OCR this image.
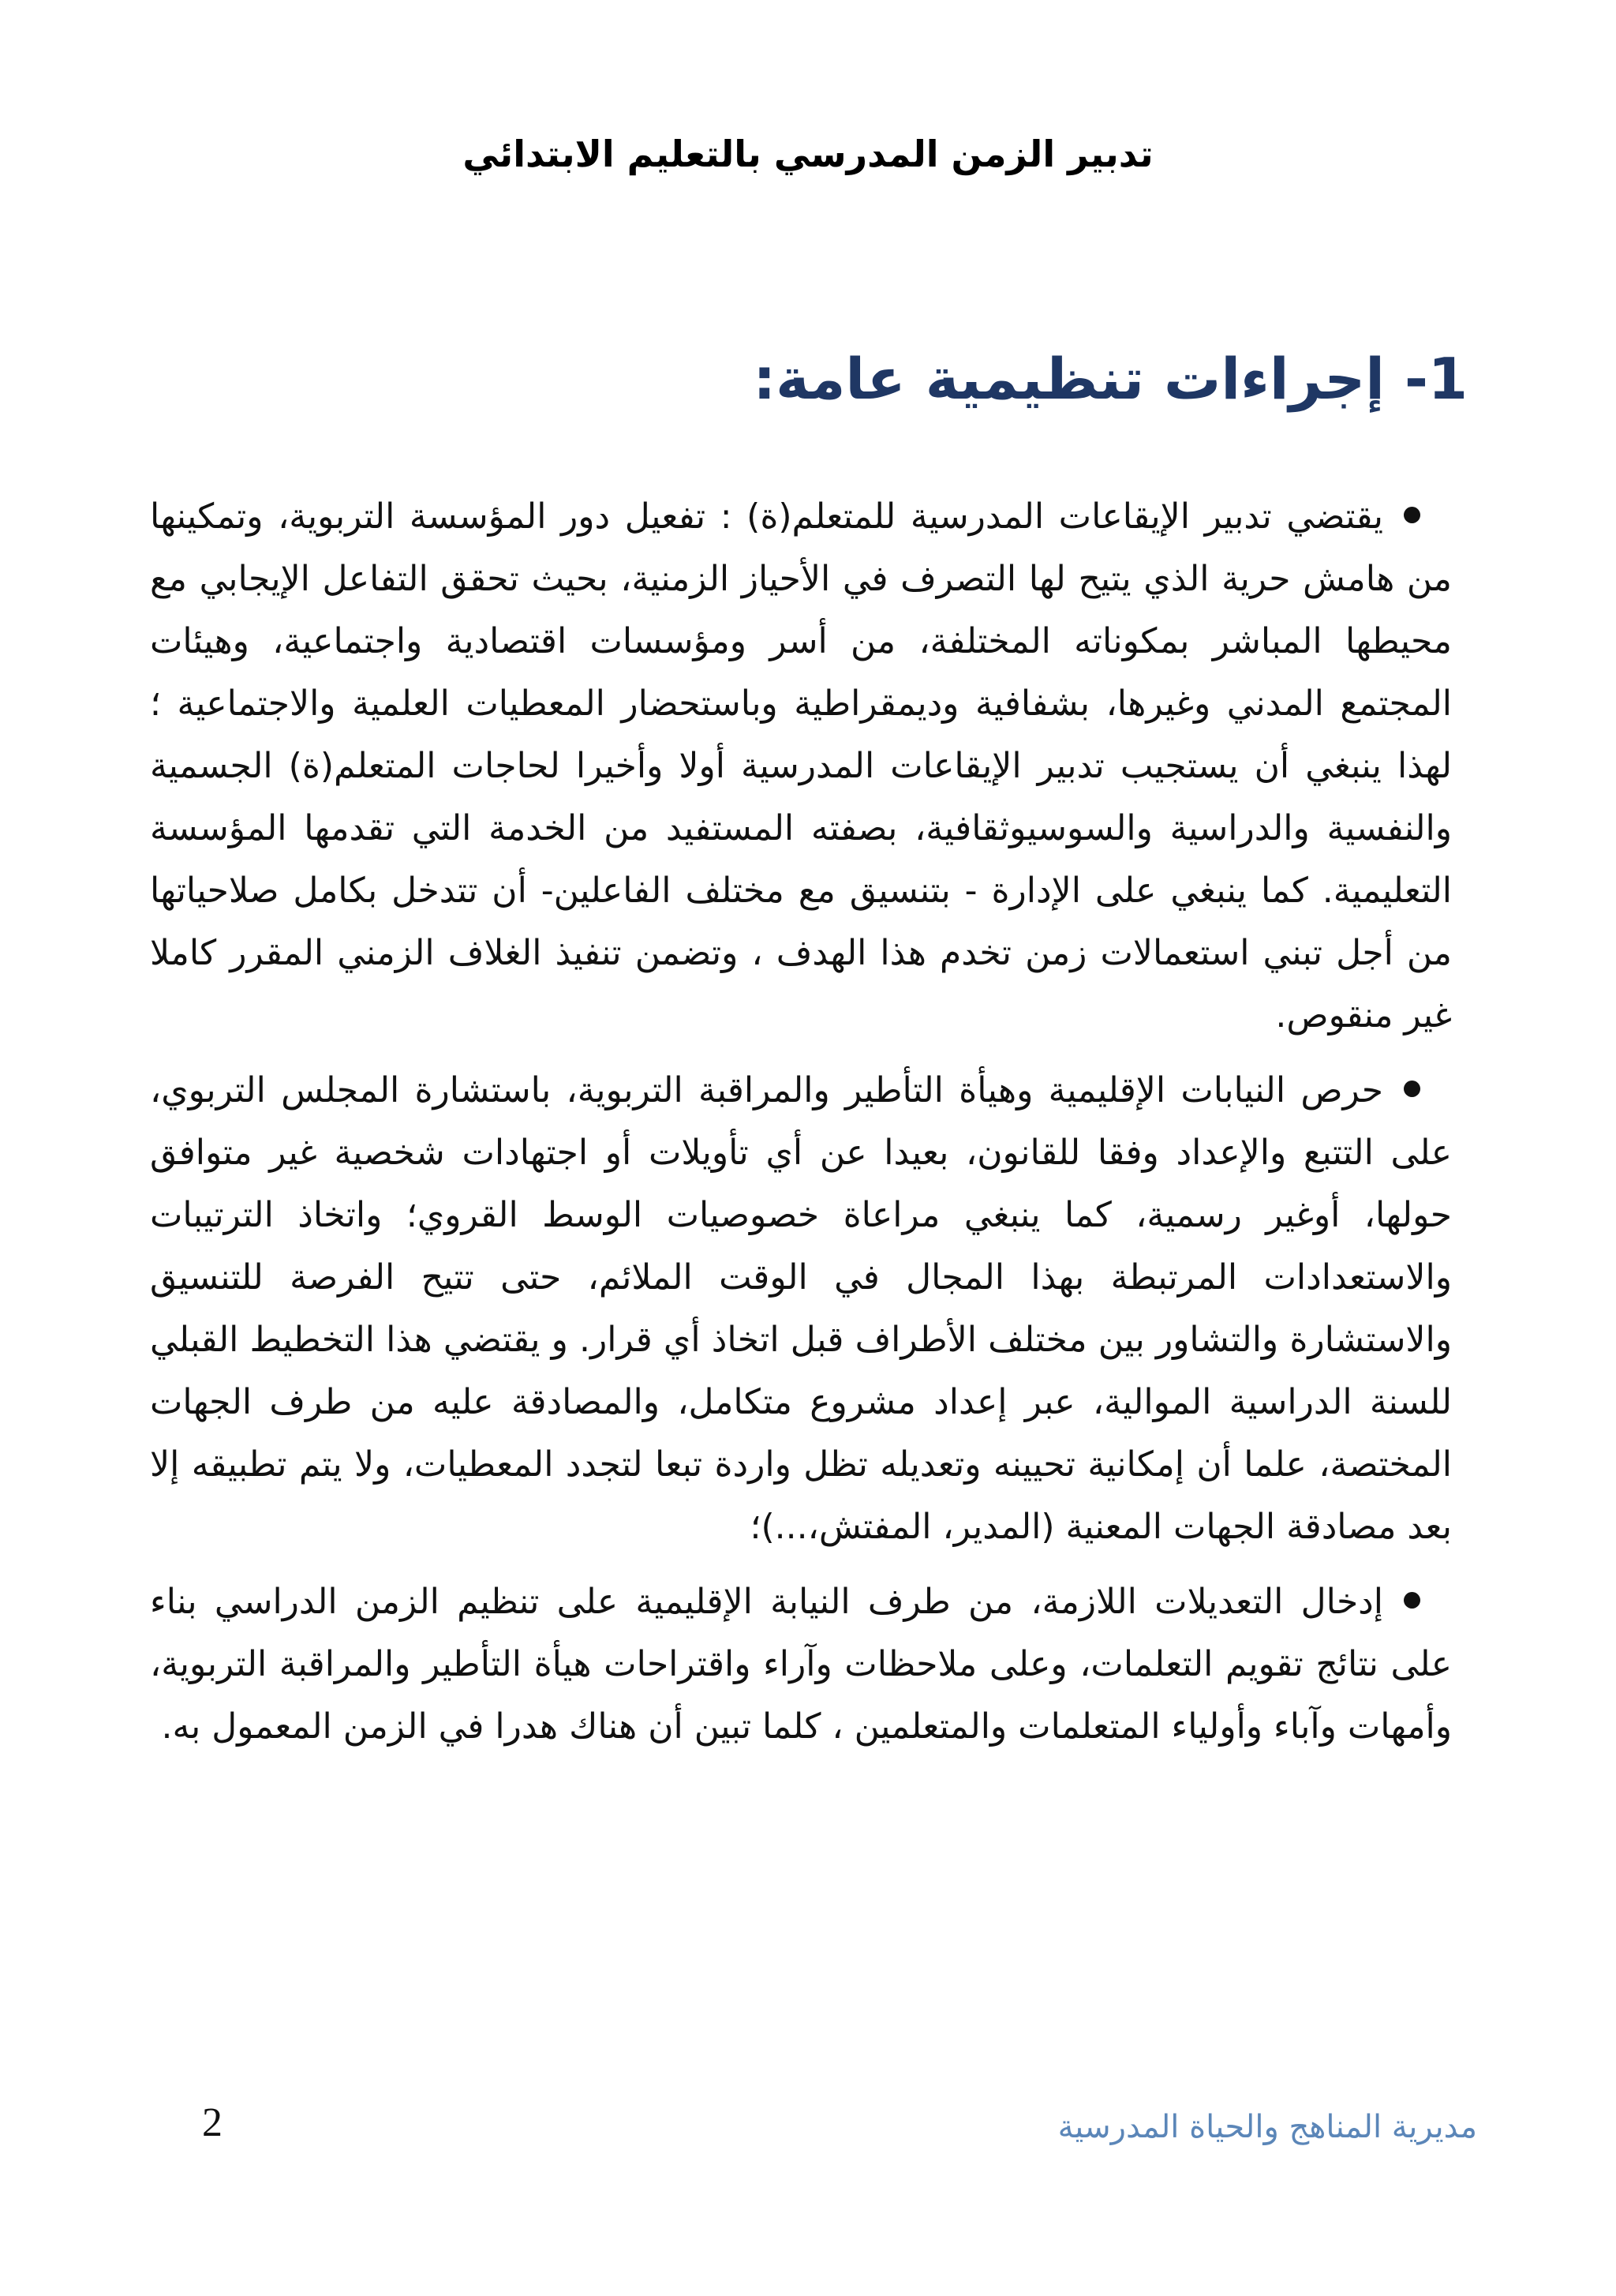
تدبير الزمن المدرسي بالتعليم الابتدائي
1- إجراءات تنظيمية عامة:
يقتضي تدبير الإيقاعات المدرسية للمتعلم(ة) : تفعيل دور المؤسسة التربوية، وتمكينها من هامش حرية الذي يتيح لها التصرف في الأحياز الزمنية، بحيث تحقق التفاعل الإيجابي مع محيطها المباشر بمكوناته المختلفة، من أسر ومؤسسات اقتصادية واجتماعية، وهيئات المجتمع المدني وغيرها، بشفافية وديمقراطية وباستحضار المعطيات العلمية والاجتماعية ؛ لهذا ينبغي أن يستجيب تدبير الإيقاعات المدرسية أولا وأخيرا لحاجات المتعلم(ة) الجسمية والنفسية والدراسية والسوسيوثقافية، بصفته المستفيد من الخدمة التي تقدمها المؤسسة التعليمية. كما ينبغي على الإدارة - بتنسيق مع مختلف الفاعلين- أن تتدخل بكامل صلاحياتها من أجل تبني استعمالات زمن تخدم هذا الهدف ، وتضمن تنفيذ الغلاف الزمني المقرر كاملا غير منقوص.
حرص النيابات الإقليمية وهيأة التأطير والمراقبة التربوية، باستشارة المجلس التربوي، على التتبع والإعداد وفقا للقانون، بعيدا عن أي تأويلات أو اجتهادات شخصية غير متوافق حولها، أوغير رسمية، كما ينبغي مراعاة خصوصيات الوسط القروي؛ واتخاذ الترتيبات والاستعدادات المرتبطة بهذا المجال في الوقت الملائم، حتى تتيح الفرصة للتنسيق والاستشارة والتشاور بين مختلف الأطراف قبل اتخاذ أي قرار. و يقتضي هذا التخطيط القبلي للسنة الدراسية الموالية، عبر إعداد مشروع متكامل، والمصادقة عليه من طرف الجهات المختصة، علما أن إمكانية تحيينه وتعديله تظل واردة تبعا لتجدد المعطيات، ولا يتم تطبيقه إلا بعد مصادقة الجهات المعنية (المدير، المفتش،...)؛
إدخال التعديلات اللازمة، من طرف النيابة الإقليمية على تنظيم الزمن الدراسي بناء على نتائج تقويم التعلمات، وعلى ملاحظات وآراء واقتراحات هيأة التأطير والمراقبة التربوية، وأمهات وآباء وأولياء المتعلمات والمتعلمين ، كلما تبين أن هناك هدرا في الزمن المعمول به.
مديرية المناهج والحياة المدرسية
2
